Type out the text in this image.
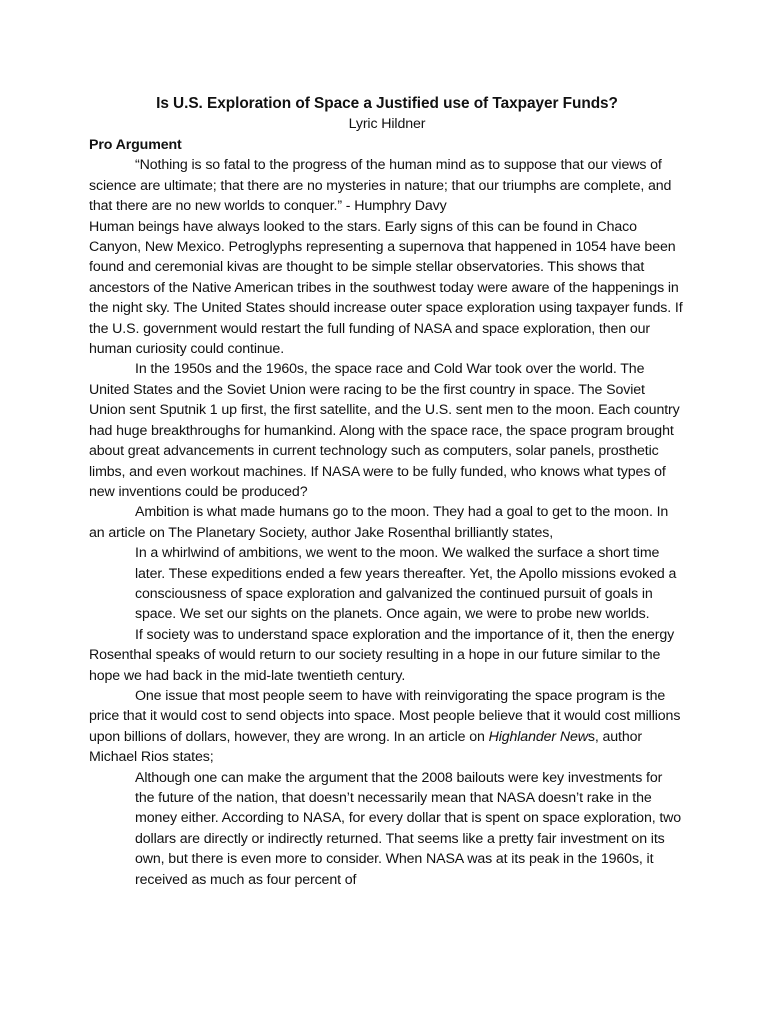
Is U.S. Exploration of Space a Justified use of Taxpayer Funds?

Lyric Hildner

Pro Argument

“Nothing is so fatal to the progress of the human mind as to suppose that our views of science are ultimate; that there are no mysteries in nature; that our triumphs are complete, and that there are no new worlds to conquer.” - Humphry Davy

Human beings have always looked to the stars. Early signs of this can be found in Chaco Canyon, New Mexico. Petroglyphs representing a supernova that happened in 1054 have been found and ceremonial kivas are thought to be simple stellar observatories. This shows that ancestors of the Native American tribes in the southwest today were aware of the happenings in the night sky. The United States should increase outer space exploration using taxpayer funds. If the U.S. government would restart the full funding of NASA and space exploration, then our human curiosity could continue.

In the 1950s and the 1960s, the space race and Cold War took over the world. The United States and the Soviet Union were racing to be the first country in space. The Soviet Union sent Sputnik 1 up first, the first satellite, and the U.S. sent men to the moon. Each country had huge breakthroughs for humankind. Along with the space race, the space program brought about great advancements in current technology such as computers, solar panels, prosthetic limbs, and even workout machines. If NASA were to be fully funded, who knows what types of new inventions could be produced?

Ambition is what made humans go to the moon. They had a goal to get to the moon. In an article on The Planetary Society, author Jake Rosenthal brilliantly states,

In a whirlwind of ambitions, we went to the moon. We walked the surface a short time later. These expeditions ended a few years thereafter. Yet, the Apollo missions evoked a consciousness of space exploration and galvanized the continued pursuit of goals in space. We set our sights on the planets. Once again, we were to probe new worlds.

If society was to understand space exploration and the importance of it, then the energy Rosenthal speaks of would return to our society resulting in a hope in our future similar to the hope we had back in the mid-late twentieth century.

One issue that most people seem to have with reinvigorating the space program is the price that it would cost to send objects into space. Most people believe that it would cost millions upon billions of dollars, however, they are wrong. In an article on Highlander News, author Michael Rios states;

Although one can make the argument that the 2008 bailouts were key investments for the future of the nation, that doesn’t necessarily mean that NASA doesn’t rake in the money either. According to NASA, for every dollar that is spent on space exploration, two dollars are directly or indirectly returned. That seems like a pretty fair investment on its own, but there is even more to consider. When NASA was at its peak in the 1960s, it received as much as four percent of
